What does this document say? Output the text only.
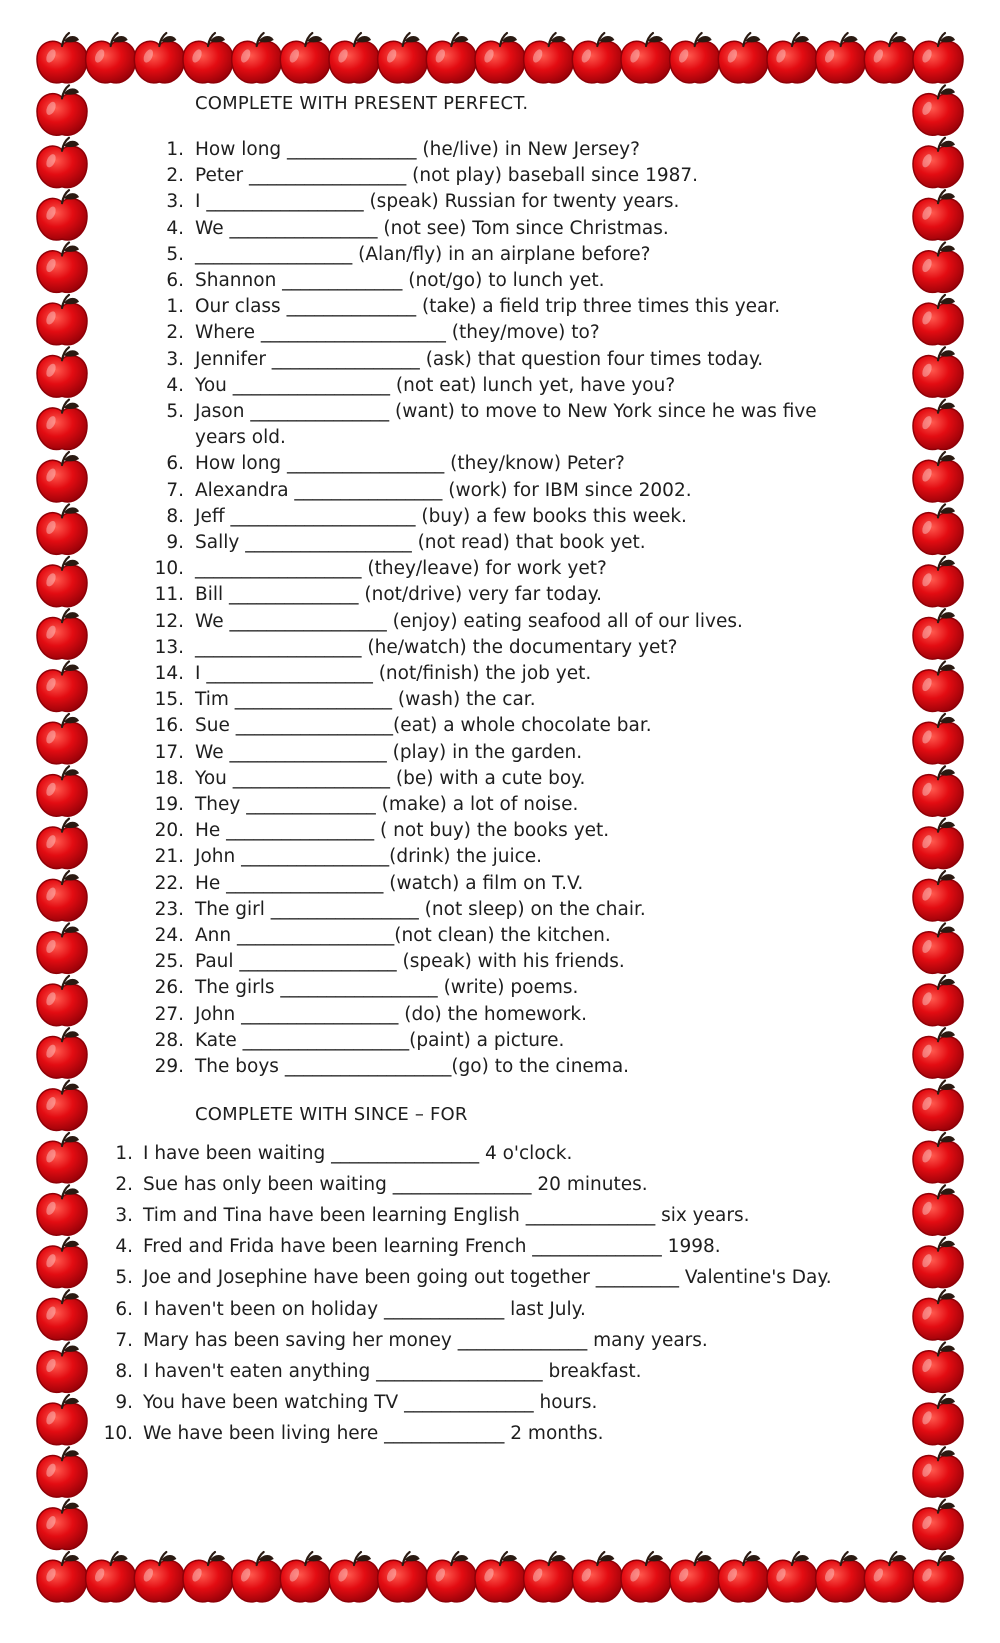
COMPLETE WITH PRESENT PERFECT.
1. How long ______________ (he/live) in New Jersey?
2. Peter _________________ (not play) baseball since 1987.
3. I _________________ (speak) Russian for twenty years.
4. We ________________ (not see) Tom since Christmas.
5. _________________ (Alan/fly) in an airplane before?
6. Shannon _____________ (not/go) to lunch yet.
1. Our class ______________ (take) a field trip three times this year.
2. Where ____________________ (they/move) to?
3. Jennifer ________________ (ask) that question four times today.
4. You _________________ (not eat) lunch yet, have you?
5. Jason _______________ (want) to move to New York since he was five
years old.
6. How long _________________ (they/know) Peter?
7. Alexandra ________________ (work) for IBM since 2002.
8. Jeff ____________________ (buy) a few books this week.
9. Sally __________________ (not read) that book yet.
10. __________________ (they/leave) for work yet?
11. Bill ______________ (not/drive) very far today.
12. We _________________ (enjoy) eating seafood all of our lives.
13. __________________ (he/watch) the documentary yet?
14. I __________________ (not/finish) the job yet.
15. Tim _________________ (wash) the car.
16. Sue _________________(eat) a whole chocolate bar.
17. We _________________ (play) in the garden.
18. You _________________ (be) with a cute boy.
19. They ______________ (make) a lot of noise.
20. He ________________ ( not buy) the books yet.
21. John ________________(drink) the juice.
22. He _________________ (watch) a film on T.V.
23. The girl ________________ (not sleep) on the chair.
24. Ann _________________(not clean) the kitchen.
25. Paul _________________ (speak) with his friends.
26. The girls _________________ (write) poems.
27. John _________________ (do) the homework.
28. Kate __________________(paint) a picture.
29. The boys __________________(go) to the cinema.
COMPLETE WITH SINCE – FOR
1. I have been waiting ________________ 4 o'clock.
2. Sue has only been waiting _______________ 20 minutes.
3. Tim and Tina have been learning English ______________ six years.
4. Fred and Frida have been learning French ______________ 1998.
5. Joe and Josephine have been going out together _________ Valentine's Day.
6. I haven't been on holiday _____________ last July.
7. Mary has been saving her money ______________ many years.
8. I haven't eaten anything __________________ breakfast.
9. You have been watching TV ______________ hours.
10. We have been living here _____________ 2 months.
